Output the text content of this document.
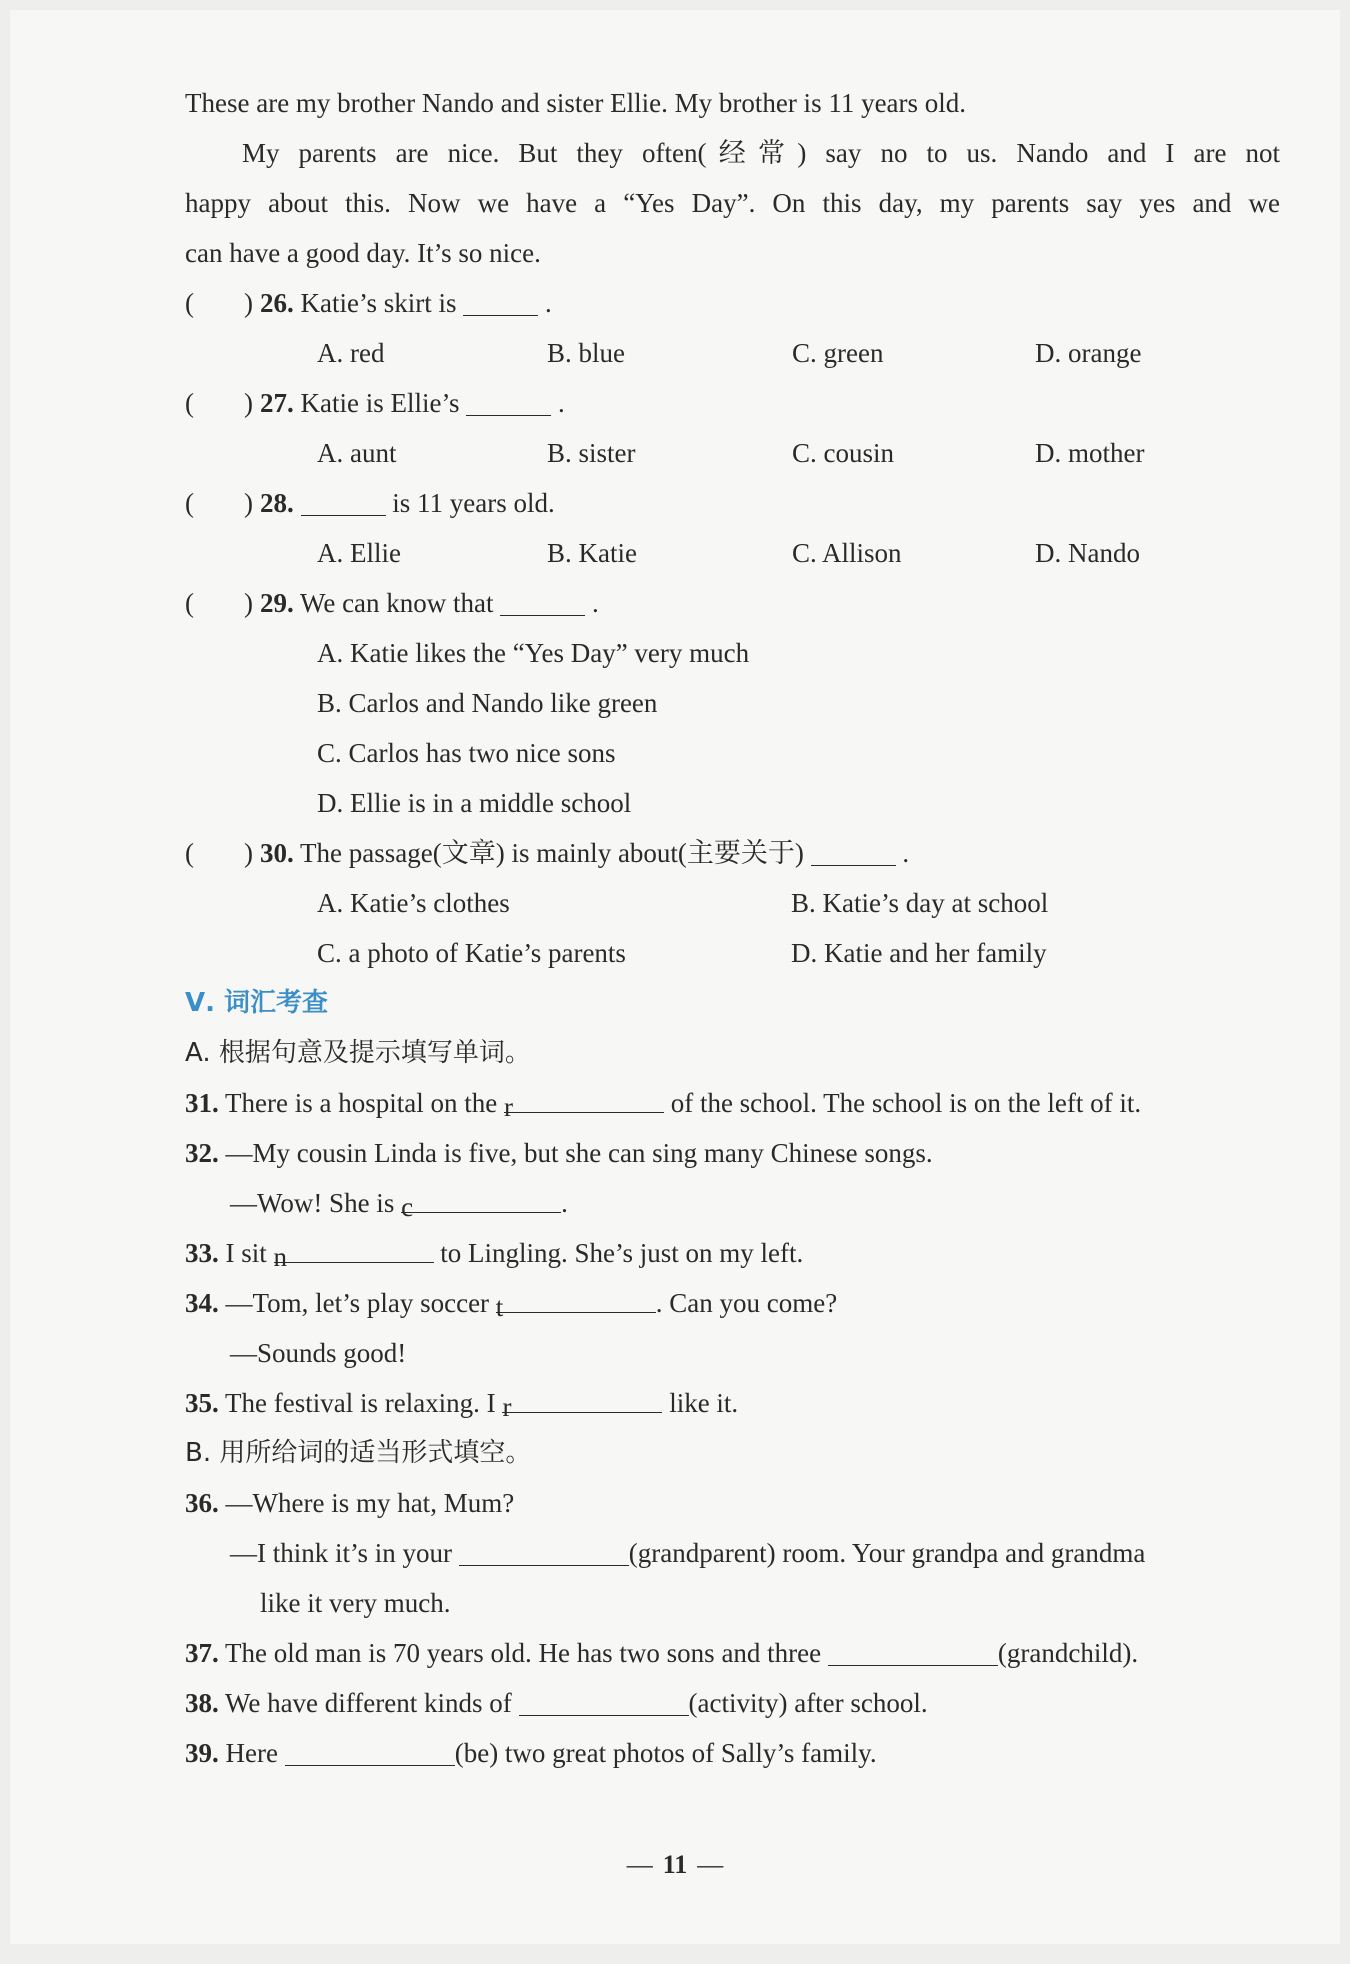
These are my brother Nando and sister Ellie. My brother is 11 years old.
My parents are nice. But they often(经常) say no to us. Nando and I are not
happy about this. Now we have a “Yes Day”. On this day, my parents say yes and we
can have a good day. It’s so nice.
( ) 26. Katie’s skirt is	.
A. red	B. blue	C. green	D. orange
( ) 27. Katie is Ellie’s	.
A. aunt	B. sister	C. cousin	D. mother
( ) 28.	is 11 years old.
A. Ellie	B. Katie	C. Allison	D. Nando
( ) 29. We can know that	.
A. Katie likes the “Yes Day” very much
B. Carlos and Nando like green
C. Carlos has two nice sons
D. Ellie is in a middle school
( ) 30. The passage(文章) is mainly about(主要关于)	.
A. Katie’s clothes	B. Katie’s day at school
C. a photo of Katie’s parents	D. Katie and her family
Ⅴ. 词汇考查
A. 根据句意及提示填写单词。
31. There is a hospital on the r	of the school. The school is on the left of it.
32. —My cousin Linda is five, but she can sing many Chinese songs.
—Wow! She is c	.
33. I sit n	to Lingling. She’s just on my left.
34. —Tom, let’s play soccer t	. Can you come?
—Sounds good!
35. The festival is relaxing. I r	like it.
B. 用所给词的适当形式填空。
36. —Where is my hat, Mum?
—I think it’s in your	(grandparent) room. Your grandpa and grandma
like it very much.
37. The old man is 70 years old. He has two sons and three	(grandchild).
38. We have different kinds of	(activity) after school.
39. Here	(be) two great photos of Sally’s family.
— 11 —
